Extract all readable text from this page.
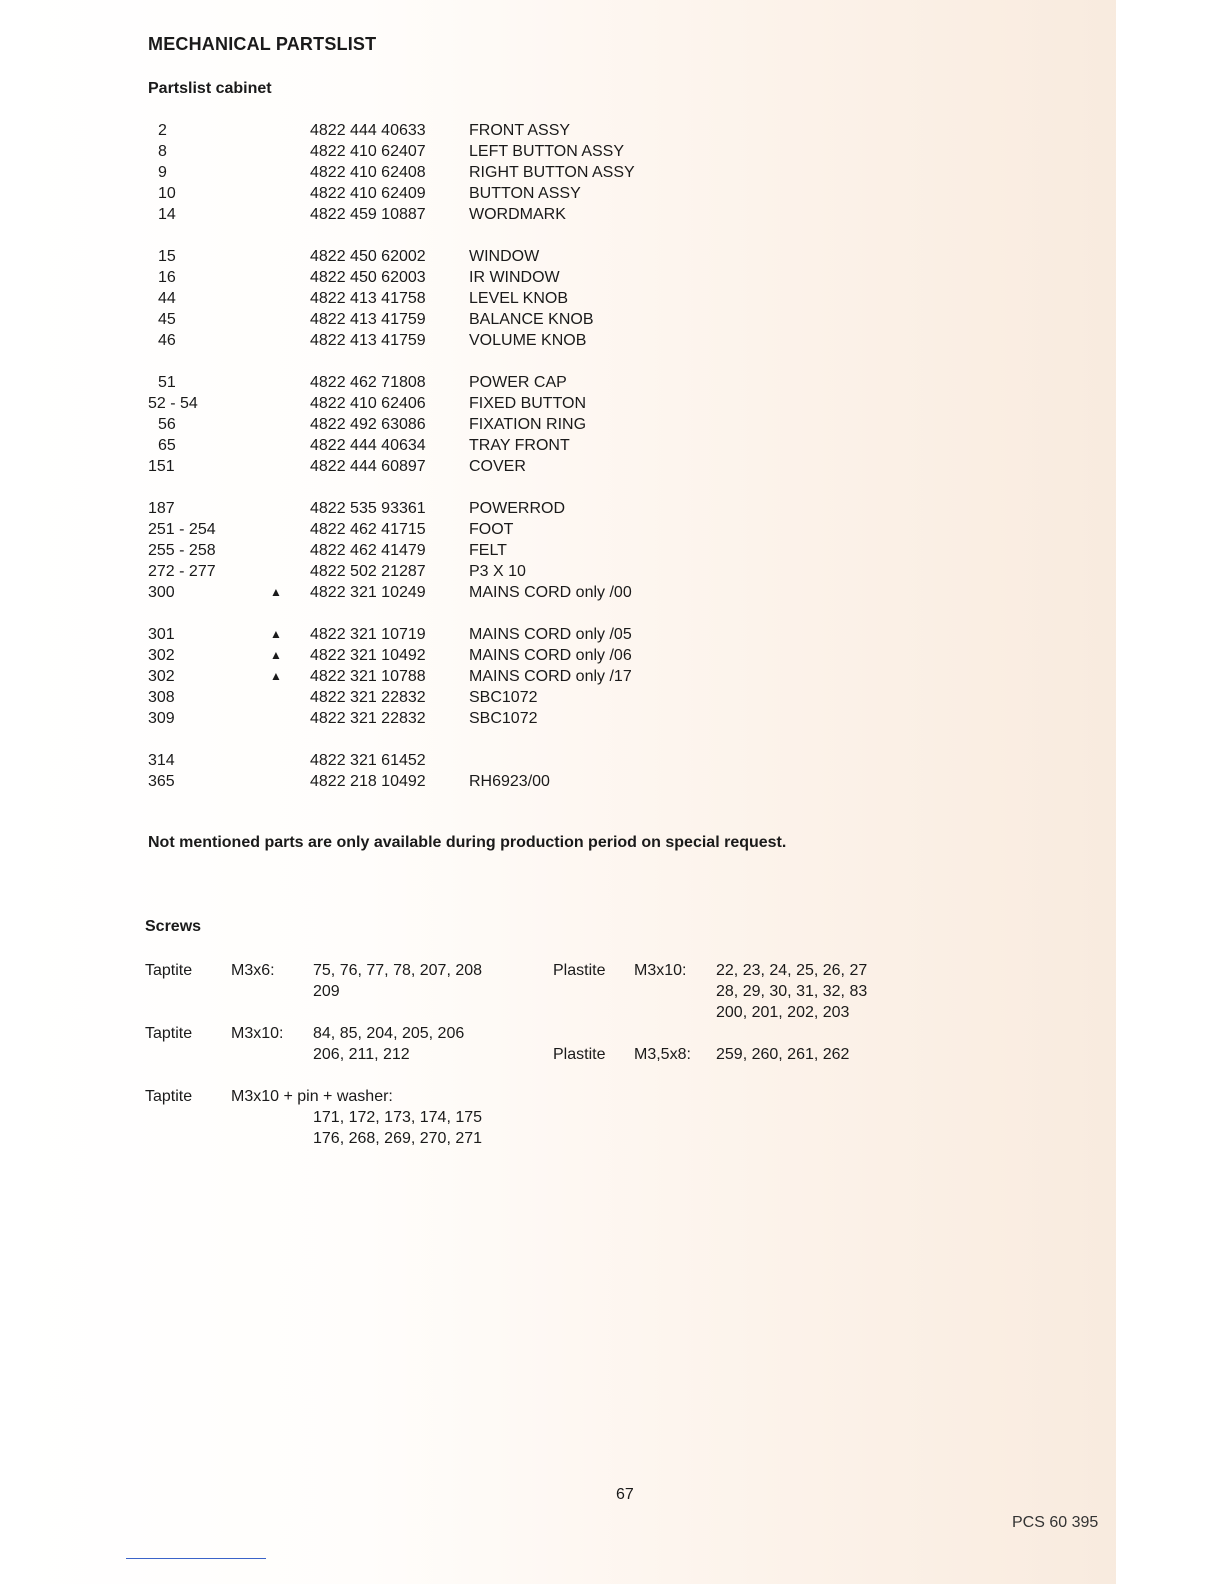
MECHANICAL PARTSLIST
Partslist cabinet
2	4822 444 40633	FRONT ASSY
8	4822 410 62407	LEFT BUTTON ASSY
9	4822 410 62408	RIGHT BUTTON ASSY
10	4822 410 62409	BUTTON ASSY
14	4822 459 10887	WORDMARK
15	4822 450 62002	WINDOW
16	4822 450 62003	IR WINDOW
44	4822 413 41758	LEVEL KNOB
45	4822 413 41759	BALANCE KNOB
46	4822 413 41759	VOLUME KNOB
51	4822 462 71808	POWER CAP
52 - 54	4822 410 62406	FIXED BUTTON
56	4822 492 63086	FIXATION RING
65	4822 444 40634	TRAY FRONT
151	4822 444 60897	COVER
187	4822 535 93361	POWERROD
251 - 254	4822 462 41715	FOOT
255 - 258	4822 462 41479	FELT
272 - 277	4822 502 21287	P3 X 10
300	▲ 4822 321 10249	MAINS CORD only /00
301	▲ 4822 321 10719	MAINS CORD only /05
302	▲ 4822 321 10492	MAINS CORD only /06
302	▲ 4822 321 10788	MAINS CORD only /17
308	4822 321 22832	SBC1072
309	4822 321 22832	SBC1072
314	4822 321 61452
365	4822 218 10492	RH6923/00
Not mentioned parts are only available during production period on special request.
Screws
Taptite M3x6: 75, 76, 77, 78, 207, 208
209
Taptite M3x10: 84, 85, 204, 205, 206
206, 211, 212
Taptite M3x10 + pin + washer:
171, 172, 173, 174, 175
176, 268, 269, 270, 271
Plastite M3x10: 22, 23, 24, 25, 26, 27
28, 29, 30, 31, 32, 83
200, 201, 202, 203
Plastite M3,5x8: 259, 260, 261, 262
67
PCS 60 395
